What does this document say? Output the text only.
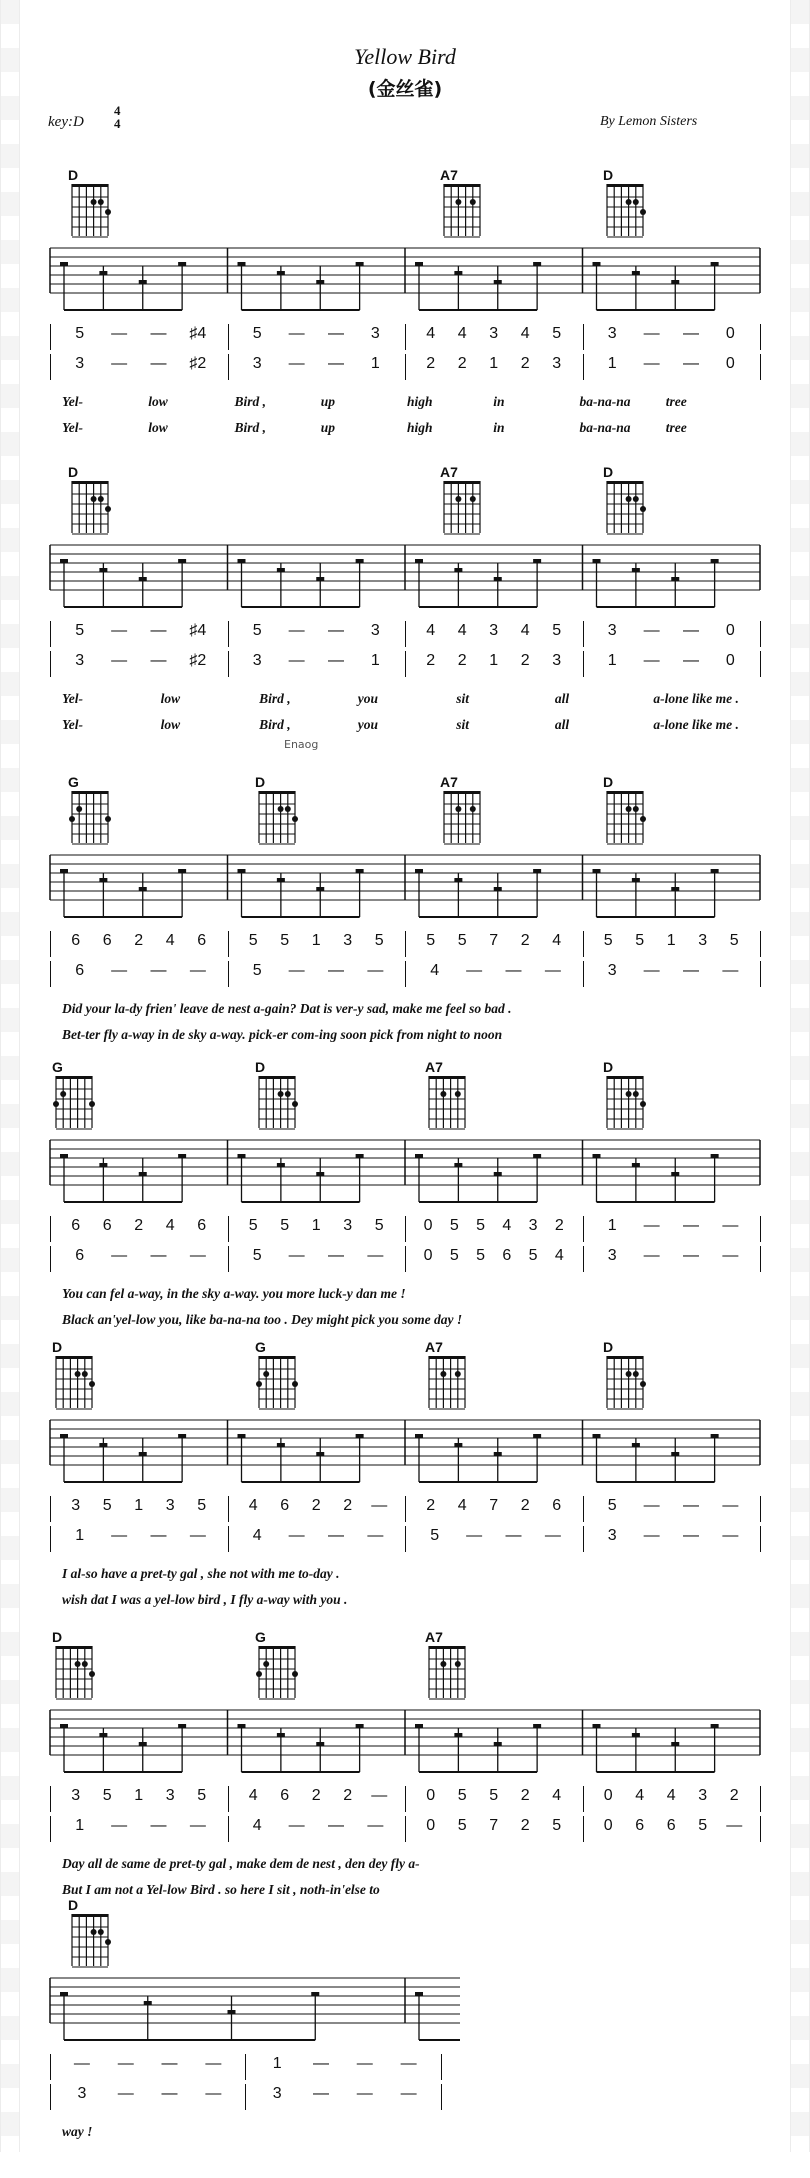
Yellow Bird
(金丝雀)
key:D
4
4	By Lemon Sisters
D	A7	D
5	—	—	♯4	5	—	—	3	4	4	3	4	5	3	—	—	0
3	—	—	♯2	3	—	—	1	2	2	1	2	3	1	—	—	0
Yel-	low	Bird ,	up	high	in	ba-na-na	tree
Yel-	low	Bird ,	up	high	in	ba-na-na	tree
D	A7	D
5	—	—	♯4	5	—	—	3	4	4	3	4	5	3	—	—	0
3	—	—	♯2	3	—	—	1	2	2	1	2	3	1	—	—	0
Yel-	low	Bird ,	you	sit	all	a-lone like me .
Yel-	low	Bird ,	you	sit	all	a-lone like me .
G	D	A7	D
6	6	2	4	6	5	5	1	3	5	5	5	7	2	4	5	5	1	3	5
6	—	—	—	5	—	—	—	4	—	—	—	3	—	—	—
Did your la-dy frien' leave de nest a-gain? Dat is ver-y sad, make me feel so bad .
Bet-ter fly a-way in de sky a-way. pick-er com-ing soon pick from night to noon
G	D	A7	D
6	6	2	4	6	5	5	1	3	5	0	5	5	4	3	2	1	—	—	—
6	—	—	—	5	—	—	—	0	5	5	6	5	4	3	—	—	—
You can fel a-way, in the sky a-way. you more luck-y dan me !
Black an'yel-low you, like ba-na-na too . Dey might pick you some day !
D	G	A7	D
3	5	1	3	5	4	6	2	2	—	2	4	7	2	6	5	—	—	—
1	—	—	—	4	—	—	—	5	—	—	—	3	—	—	—
I al-so have a pret-ty gal , she not with me to-day .
wish dat I was a yel-low bird , I fly a-way with you .
D	G	A7
3	5	1	3	5	4	6	2	2	—	0	5	5	2	4	0	4	4	3	2
1	—	—	—	4	—	—	—	0	5	7	2	5	0	6	6	5	—
Day all de same de pret-ty gal , make dem de nest , den dey fly a-
But I am not a Yel-low Bird . so here I sit , noth-in'else to
D
—	—	—	—	1	—	—	—
3	—	—	—	3	—	—	—
way !
Enaog
